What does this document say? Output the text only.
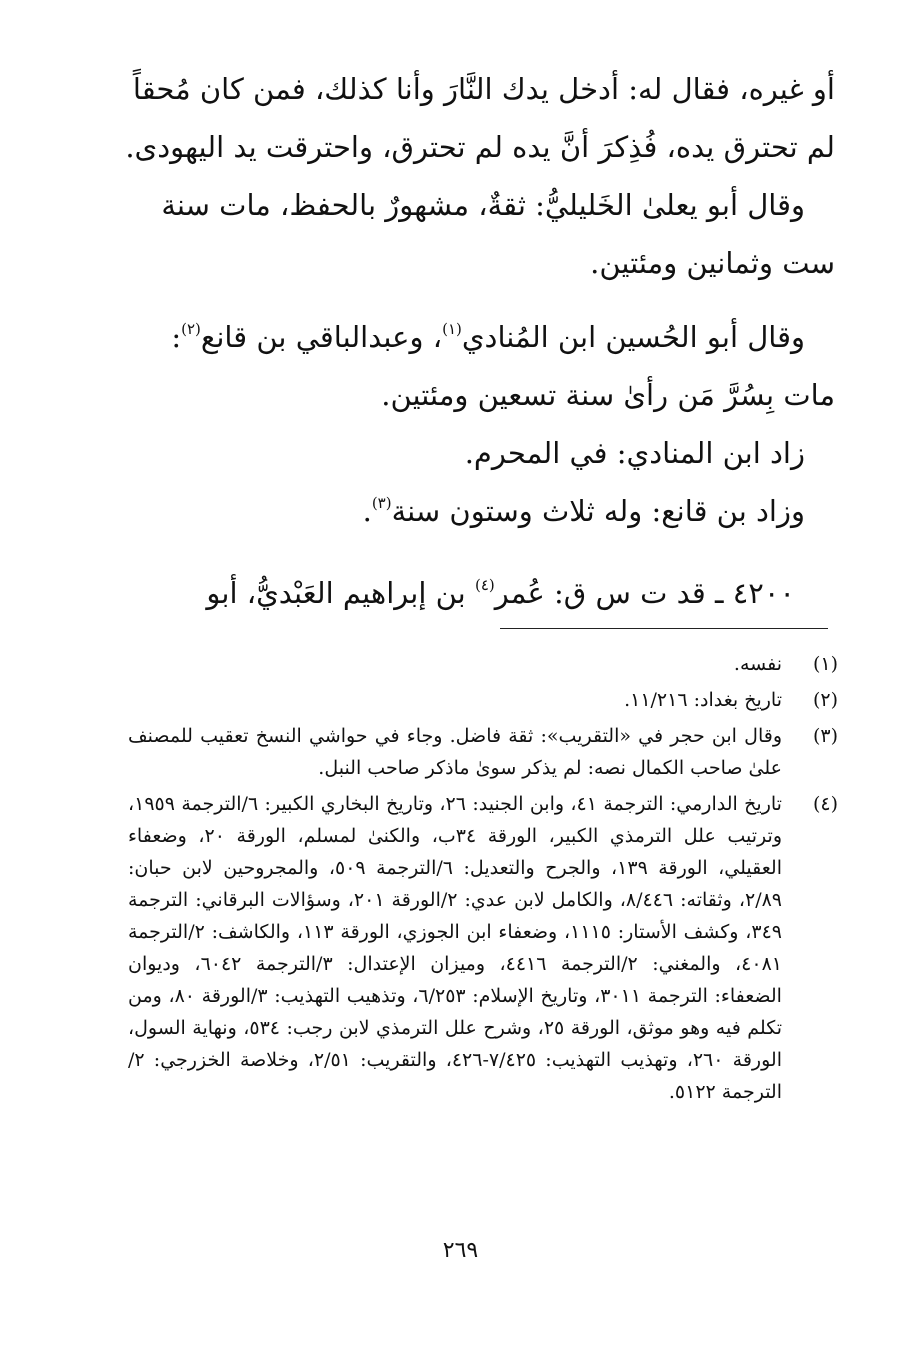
أو غيره، فقال له: أدخل يدك النَّارَ وأنا كذلك، فمن كان مُحقاً

لم تحترق يده، فُذِكرَ أنَّ يده لم تحترق، واحترقت يد اليهودى.

وقال أبو يعلىٰ الخَليليُّ: ثقةٌ، مشهورٌ بالحفظ، مات سنة

ست وثمانين ومئتين.

وقال أبو الحُسين ابن المُنادي$^{(١)}$، وعبدالباقي بن قانع$^{(٢)}$:

مات بِسُرَّ مَن رأىٰ سنة تسعين ومئتين.

زاد ابن المنادي: في المحرم.

وزاد بن قانع: وله ثلاث وستون سنة$^{(٣)}$.

٤٢٠٠ ـ قد ت س ق: عُمر$^{(٤)}$ بن إبراهيم العَبْديُّ، أبو

(١)
نفسه.
(٢)
تاريخ بغداد: ١١/٢١٦.
(٣)
وقال ابن حجر في «التقريب»: ثقة فاضل. وجاء في حواشي النسخ تعقيب للمصنف علىٰ صاحب الكمال نصه: لم يذكر سوىٰ ماذكر صاحب النبل.
(٤)
تاريخ الدارمي: الترجمة ٤١، وابن الجنيد: ٢٦، وتاريخ البخاري الكبير: ٦/الترجمة ١٩٥٩، وترتيب علل الترمذي الكبير، الورقة ٣٤ب، والكنىٰ لمسلم، الورقة ٢٠، وضعفاء العقيلي، الورقة ١٣٩، والجرح والتعديل: ٦/الترجمة ٥٠٩، والمجروحين لابن حبان: ٢/٨٩، وثقاته: ٨/٤٤٦، والكامل لابن عدي: ٢/الورقة ٢٠١، وسؤالات البرقاني: الترجمة ٣٤٩، وكشف الأستار: ١١١٥، وضعفاء ابن الجوزي، الورقة ١١٣، والكاشف: ٢/الترجمة ٤٠٨١، والمغني: ٢/الترجمة ٤٤١٦، وميزان الإعتدال: ٣/الترجمة ٦٠٤٢، وديوان الضعفاء: الترجمة ٣٠١١، وتاريخ الإسلام: ٦/٢٥٣، وتذهيب التهذيب: ٣/الورقة ٨٠، ومن تكلم فيه وهو موثق، الورقة ٢٥، وشرح علل الترمذي لابن رجب: ٥٣٤، ونهاية السول، الورقة ٢٦٠، وتهذيب التهذيب: ٧/٤٢٥-٤٢٦، والتقريب: ٢/٥١، وخلاصة الخزرجي: ٢/الترجمة ٥١٢٢.
٢٦٩
